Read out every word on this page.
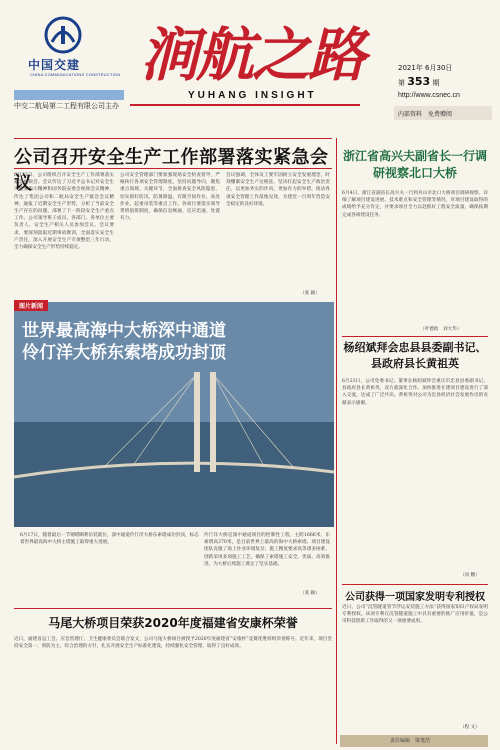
中国交建
CHINA COMMUNICATIONS CONSTRUCTION
中交二航局第二工程有限公司主办
涧航之路
YUHANG INSIGHT
2021年 6月30日
第 353 期
http://www.csnec.cn
内部资料　免费赠阅
公司召开安全生产工作部署落实紧急会议
6月23日，公司组织召开安全生产工作部署落实紧急视频会。会议传达了习近平总书记对安全生产重要指示精神和国务院安委会视频会议精神，传达了集团公司和二航局安全生产紧急会议精神，通报了近期安全生产形势，分析了当前安全生产存在的问题，部署了下一阶段安全生产重点工作。公司领导班子成员，各部门、各单位主要负责人、安全生产相关人员参加会议。会议要求，要深刻汲取近期事故教训，全面落实安全生产责任，深入开展安全生产专项整治三年行动，全力确保安全生产形势持续稳定。
公司安全管理部门要加强现场安全检查督导，严格执行各项安全管理制度，坚持问题导向，聚焦重点领域、关键环节，全面排查安全风险隐患，切实抓好防汛、防暑降温、有限空间作业、高处作业、起重吊装等重点工作。各项目要落实领导带班值班制度，确保信息畅通、反应迅速、处置有力。
会议强调，全体员工要牢固树立安全发展理念，时刻绷紧安全生产这根弦，坚决扛起安全生产政治责任，以更加务实的作风、更加有力的举措，推动各项安全管理工作落地见效，为建党一百周年营造安全稳定的良好环境。
（张 颖）
图片新闻
世界最高海中大桥深中通道
伶仃洋大桥东索塔成功封顶
6月17日，随着最后一节钢塔顺利吊装就位，深中通道伶仃洋大桥东索塔成功封顶，标志着世界最高海中大桥主塔施工取得重大进展。
伶仃洋大桥是深中通道项目的控制性工程，主跨1666米，东索塔高270米，是目前世界上最高的海中大桥索塔。项目建设团队克服了海上作业环境复杂、施工精度要求高等诸多困难，创新采用多项施工工艺，确保了索塔施工安全、优质、高效推进，为大桥后续施工奠定了坚实基础。
（张 颖）
马尾大桥项目荣获2020年度福建省安康杯荣誉
近日，福建省总工会、应急管理厅、卫生健康委员会联合发文，公司马尾大桥项目被授予2020年度福建省“安康杯”竞赛优胜班组荣誉称号。近年来，项目坚持安全第一、预防为主、综合治理的方针，扎实开展安全生产标准化建设，持续强化安全管理，取得了良好成效。
浙江省高兴夫副省长一行调研视察北口大桥
6月4日，浙江省副省长高兴夫一行到舟山市北口大桥项目调研视察，详细了解项目建设进展、技术难点和安全管理等情况，对项目建设取得的成绩给予充分肯定，并要求项目全力以赴抓好工程安全质量，确保按期完成各项建设任务。
（叶德政　刘大华）
杨绍斌拜会忠县县委副书记、县政府县长黄祖英
6月23日，公司党委书记、董事长杨绍斌拜会重庆市忠县县委副书记、县政府县长黄祖英，双方就深化合作、加快推进在建项目建设进行了深入交流，达成了广泛共识。黄祖英对公司为忠县经济社会发展作出的贡献表示感谢。
（闵 鹏）
公司获得一项国家发明专利授权
近日，公司“沉管隧道管节浮运安装施工方法”获得国家知识产权局发明专利授权。该项专利在沉管隧道施工中具有重要的推广应用价值，是公司科技创新工作取得的又一项重要成果。
（程 文）
责任编辑　梁笔浩
